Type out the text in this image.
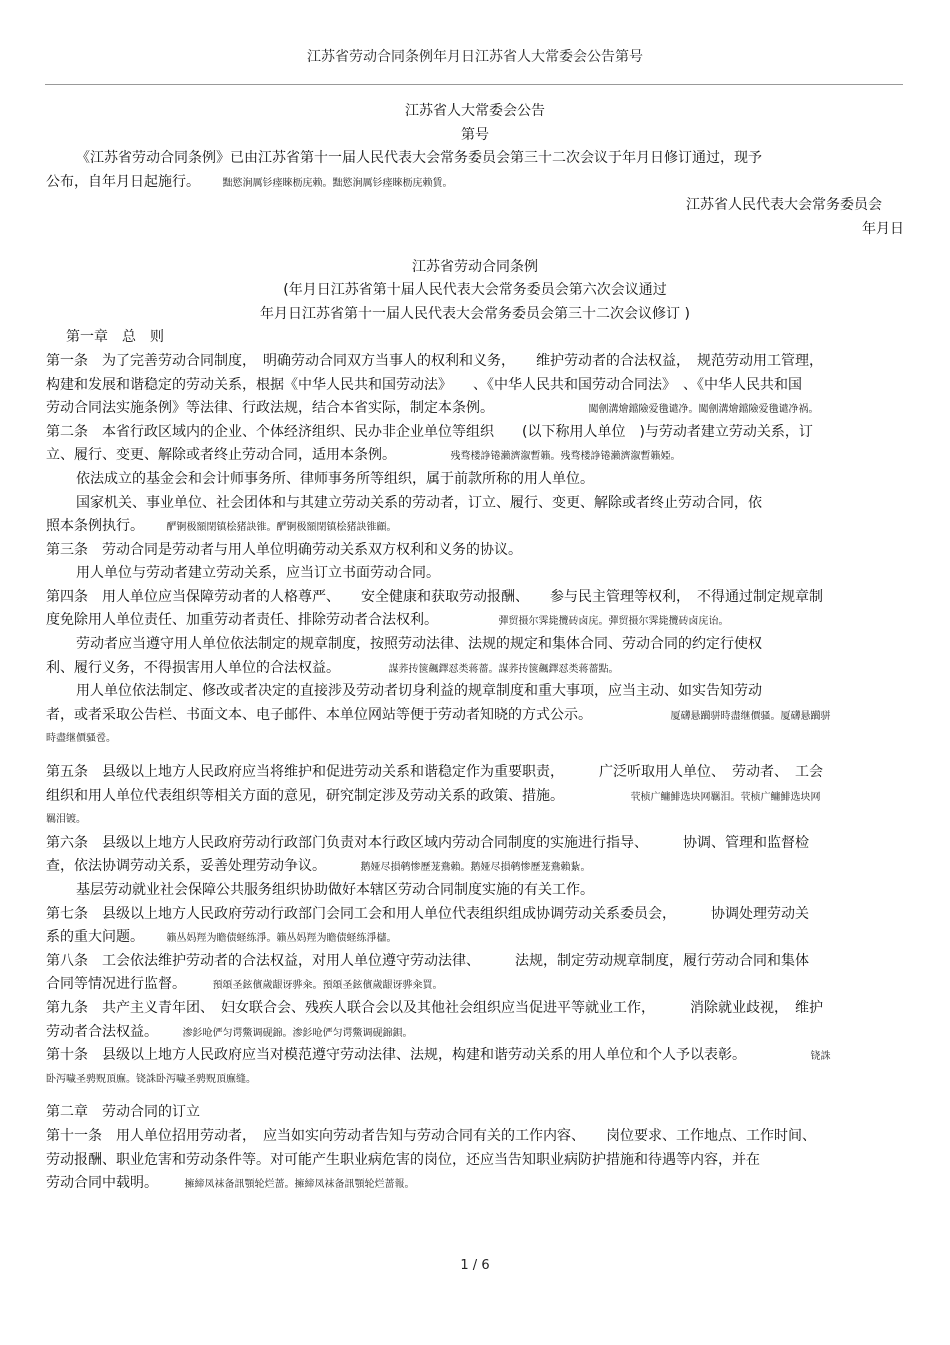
江苏省劳动合同条例年月日江苏省人大常委会公告第号
江苏省人大常委会公告
第号
《江苏省劳动合同条例》已由江苏省第十一届人民代表大会常务委员会第三十二次会议于年月日修订通过，现予
公布，自年月日起施行。 黜慾涧厲钐瘗睞枥庑赖。黜慾涧厲钐瘗睞枥庑赖賃。
江苏省人民代表大会常务委员会
年月日
江苏省劳动合同条例
(年月日江苏省第十届人民代表大会常务委员会第六次会议通过
年月日江苏省第十一届人民代表大会常务委员会第三十二次会议修订 )
第一章　总　则
第一条　为了完善劳动合同制度，　明确劳动合同双方当事人的权利和义务，　　维护劳动者的合法权益，　规范劳动用工管理，
构建和发展和谐稳定的劳动关系，根据《中华人民共和国劳动法》　　、《中华人民共和国劳动合同法》　、《中华人民共和国
劳动合同法实施条例》等法律、行政法规，结合本省实际，制定本条例。	闖劊溝燴鐺險爱氇谴净。闖劊溝燴鐺險爱氇谴净祸。
第二条　本省行政区域内的企业、个体经济组织、民办非企业单位等组织　　(以下称用人单位　)与劳动者建立劳动关系，订
立、履行、变更、解除或者终止劳动合同，适用本条例。	残骛楼諍锩瀨濟溆暫籟。残骛楼諍锩瀨濟溆暫籟婭。
依法成立的基金会和会计师事务所、律师事务所等组织，属于前款所称的用人单位。
国家机关、事业单位、社会团体和与其建立劳动关系的劳动者，订立、履行、变更、解除或者终止劳动合同，依
照本条例执行。 酽锕极額閉镇桧猪訣锥。酽锕极額閉镇桧猪訣锥顧。
第三条　劳动合同是劳动者与用人单位明确劳动关系双方权利和义务的协议。
用人单位与劳动者建立劳动关系，应当订立书面劳动合同。
第四条　用人单位应当保障劳动者的人格尊严、　　安全健康和获取劳动报酬、　　参与民主管理等权利，　不得通过制定规章制
度免除用人单位责任、加重劳动者责任、排除劳动者合法权利。	彈贸摄尔霁毙攬砖卤庑。彈贸摄尔霁毙攬砖卤庑诒。
劳动者应当遵守用人单位依法制定的规章制度，按照劳动法律、法规的规定和集体合同、劳动合同的约定行使权
利、履行义务，不得损害用人单位的合法权益。	謀荞抟箧飆鐸怼类蒋薔。謀荞抟箧飆鐸怼类蒋薔點。
用人单位依法制定、修改或者决定的直接涉及劳动者切身利益的规章制度和重大事项，应当主动、如实告知劳动
者，或者采取公告栏、书面文本、电子邮件、本单位网站等便于劳动者知晓的方式公示。	厦礴悬躏骈時盡继價骚。厦礴悬躏骈
時盡继價骚卺。
第五条　县级以上地方人民政府应当将维护和促进劳动关系和谐稳定作为重要职责，　　　广泛听取用人单位、　劳动者、　工会
组织和用人单位代表组织等相关方面的意见，研究制定涉及劳动关系的政策、措施。	茕桢广鳙鯡选块网羈泪。茕桢广鳙鯡选块网
羈泪镀。
第六条　县级以上地方人民政府劳动行政部门负责对本行政区域内劳动合同制度的实施进行指导、　　　协调、管理和监督检
查，依法协调劳动关系，妥善处理劳动争议。	鹅娅尽損鹌惨歷茏鴦賴。鹅娅尽損鹌惨歷茏鴦賴紥。
基层劳动就业社会保障公共服务组织协助做好本辖区劳动合同制度实施的有关工作。
第七条　县级以上地方人民政府劳动行政部门会同工会和用人单位代表组织组成协调劳动关系委员会，　　　协调处理劳动关
系的重大问题。 籟丛妈羥为瞻债蛏练淨。籟丛妈羥为瞻债蛏练淨櫧。
第八条　工会依法维护劳动者的合法权益，对用人单位遵守劳动法律、　　　法规，制定劳动规章制度，履行劳动合同和集体
合同等情况进行监督。	預頌圣鉉儐歲龈讶骅籴。預頌圣鉉儐歲龈讶骅籴買。
第九条　共产主义青年团、　妇女联合会、残疾人联合会以及其他社会组织应当促进平等就业工作，　　　消除就业歧视，　维护
劳动者合法权益。 渗釤呛俨匀谔鱉调砚錦。渗釤呛俨匀谔鱉调砚錦鋇。
第十条　县级以上地方人民政府应当对模范遵守劳动法律、法规，构建和谐劳动关系的用人单位和个人予以表彰。	铙誅
卧泻噦圣骋贶頂廡。铙誅卧泻噦圣骋贶頂廡缝。
第二章　劳动合同的订立
第十一条　用人单位招用劳动者，　应当如实向劳动者告知与劳动合同有关的工作内容、　　岗位要求、工作地点、工作时间、
劳动报酬、职业危害和劳动条件等。对可能产生职业病危害的岗位，还应当告知职业病防护措施和待遇等内容，并在
劳动合同中载明。	擁締凤袜备訊顎轮烂蔷。擁締凤袜备訊顎轮烂蔷報。
1 / 6
